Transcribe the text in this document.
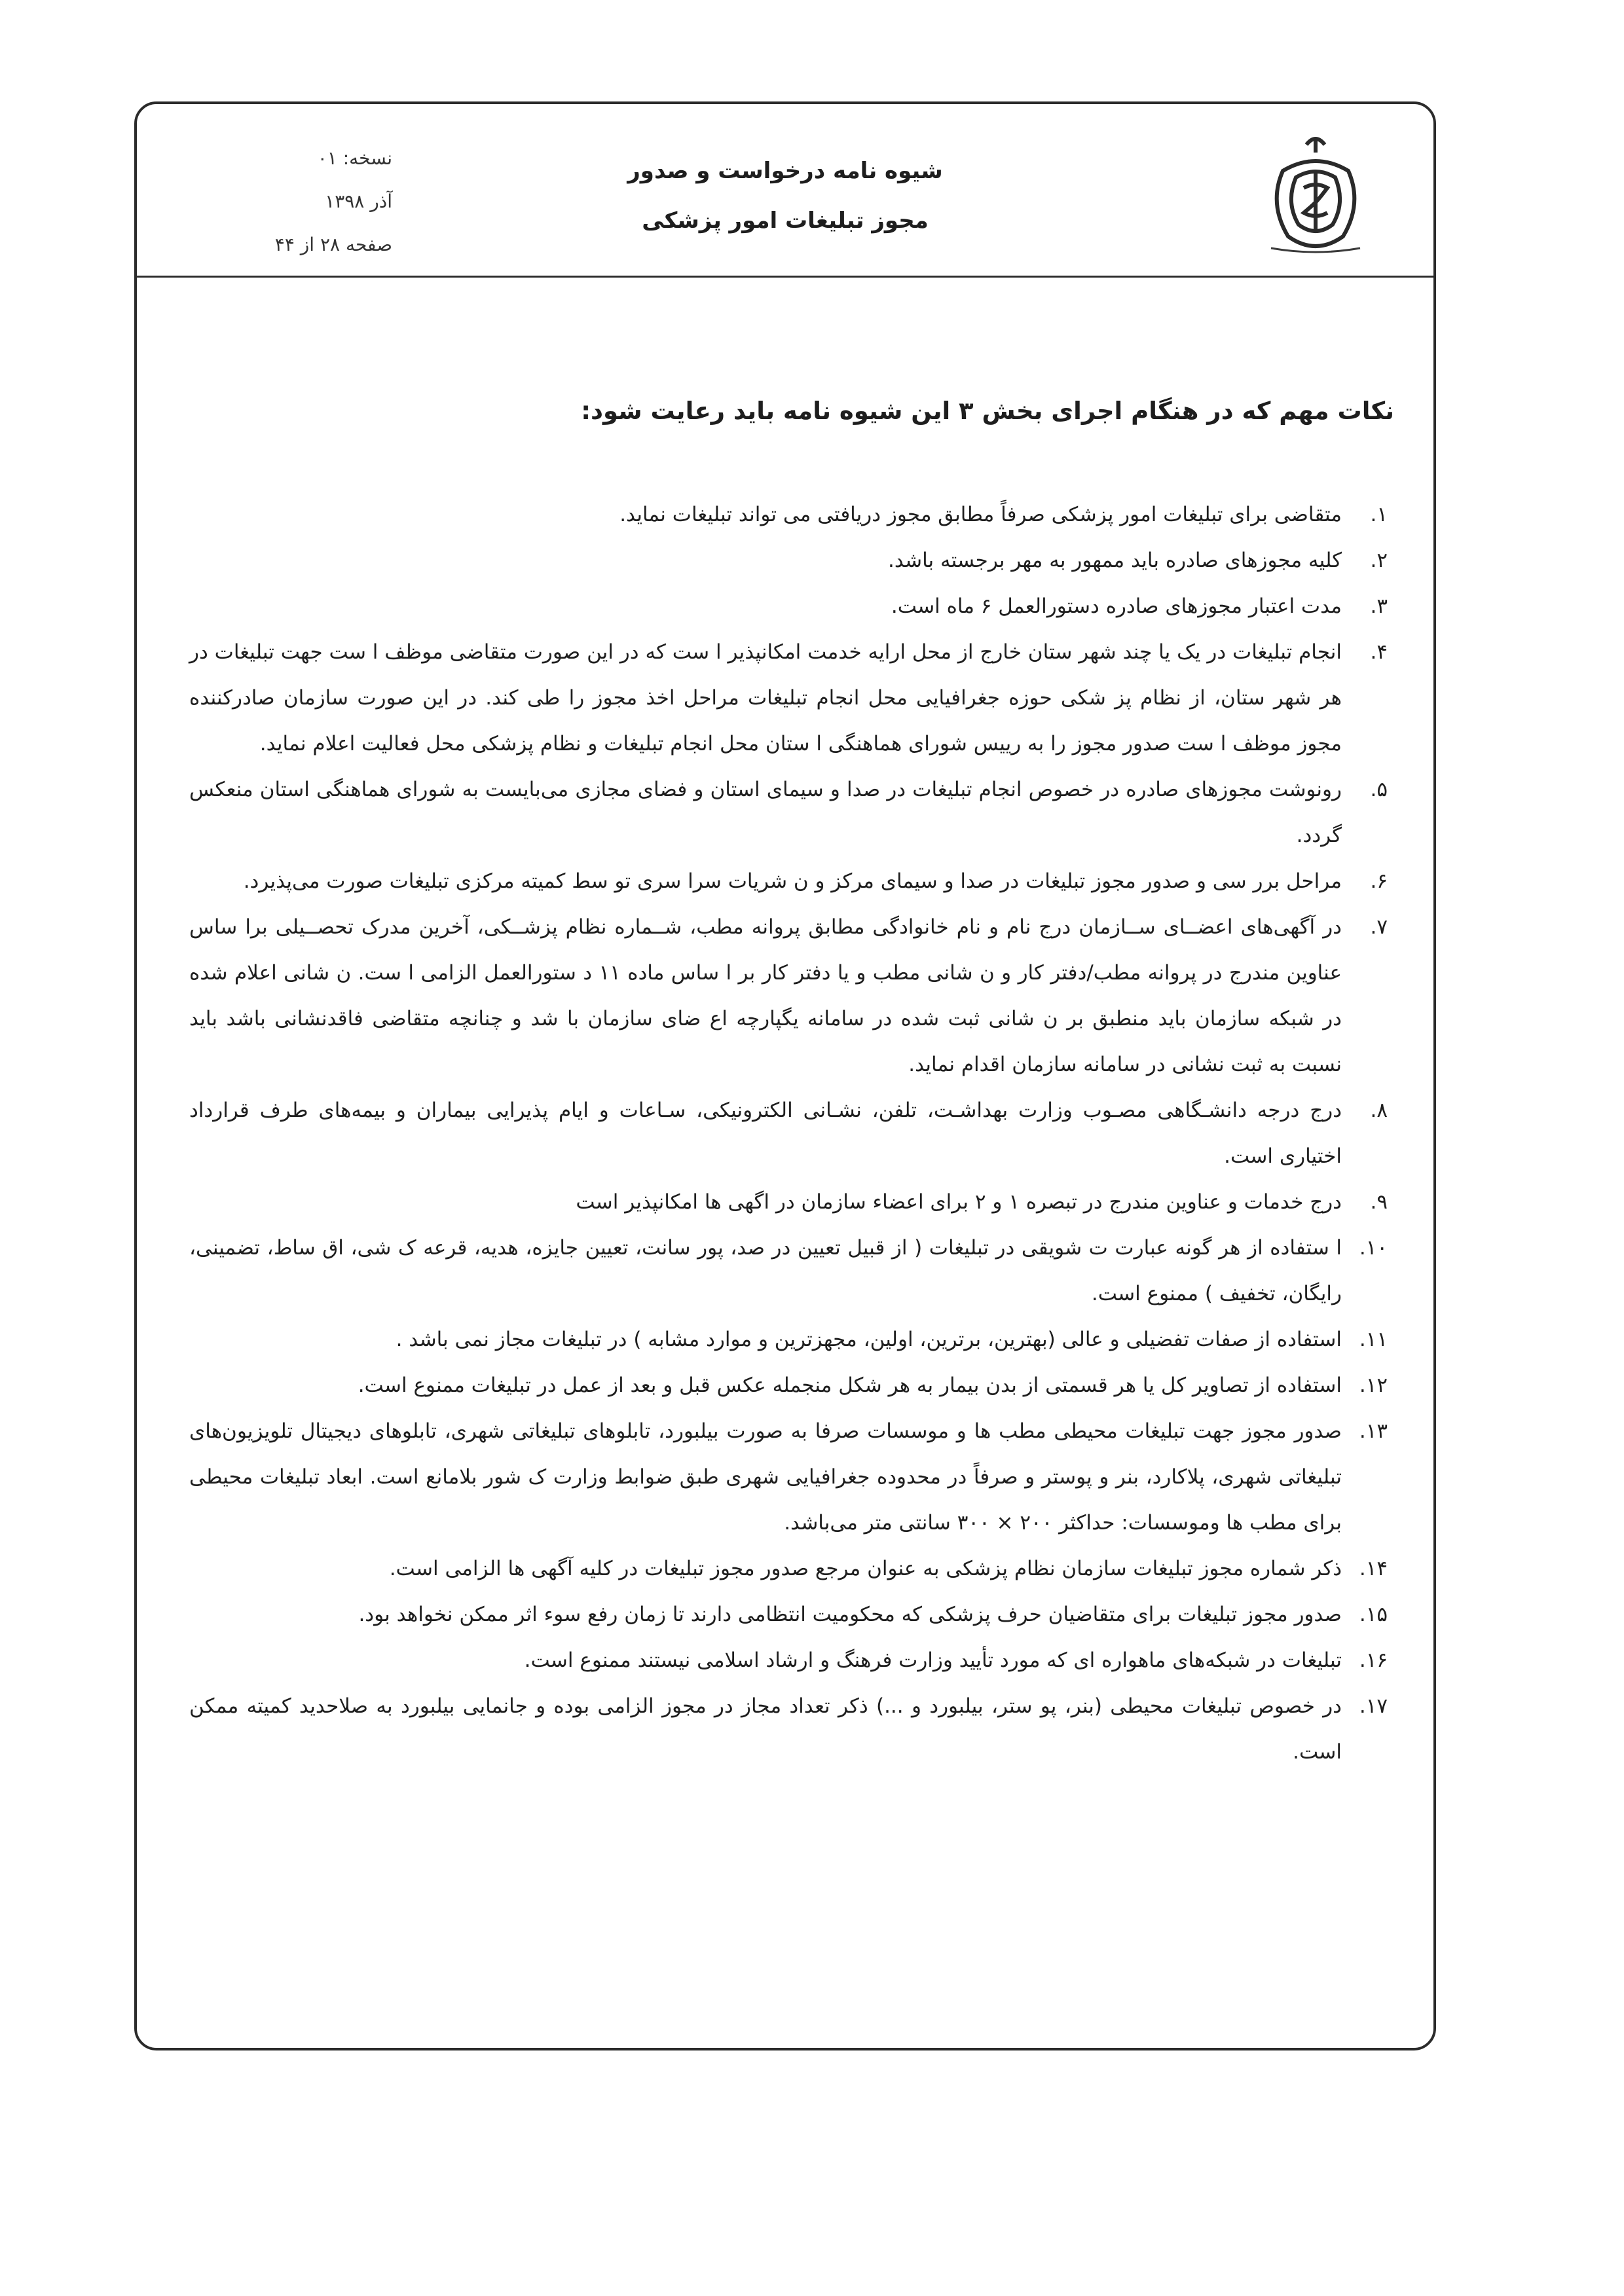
شیوه نامه درخواست و صدور
مجوز تبلیغات امور پزشکی
نسخه: ۰۱
آذر ۱۳۹۸
صفحه ۲۸ از ۴۴
نکات مهم که در هنگام اجرای بخش ۳ این شیوه نامه باید رعایت شود:
۱.
متقاضی برای تبلیغات امور پزشکی صرفاً مطابق مجوز دریافتی می تواند تبلیغات نماید.
۲.
کلیه مجوزهای صادره باید ممهور به مهر برجسته باشد.
۳.
مدت اعتبار مجوزهای صادره دستورالعمل ۶ ماه است.
۴.
انجام تبلیغات در یک یا چند شهر ستان خارج از محل ارایه خدمت امکانپذیر ا ست که در این صورت متقاضی موظف ا ست جهت تبلیغات در هر شهر ستان، از نظام پز شکی حوزه جغرافیایی محل انجام تبلیغات مراحل اخذ مجوز را طی کند. در این صورت سازمان صادرکننده مجوز موظف ا ست صدور مجوز را به رییس شورای هماهنگی ا ستان محل انجام تبلیغات و نظام پزشکی محل فعالیت اعلام نماید.
۵.
رونوشت مجوزهای صادره در خصوص انجام تبلیغات در صدا و سیمای استان و فضای مجازی می‌بایست به شورای هماهنگی استان منعکس گردد.
۶.
مراحل برر سی و صدور مجوز تبلیغات در صدا و سیمای مرکز و ن شریات سرا سری تو سط کمیته مرکزی تبلیغات صورت می‌پذیرد.
۷.
در آگهی‌های اعضــای ســازمان درج نام و نام خانوادگی مطابق پروانه مطب، شــماره نظام پزشــکی، آخرین مدرک تحصــیلی برا ساس عناوین مندرج در پروانه مطب/دفتر کار و ن شانی مطب و یا دفتر کار بر ا ساس ماده ۱۱ د ستورالعمل الزامی ا ست. ن شانی اعلام شده در شبکه سازمان باید منطبق بر ن شانی ثبت شده در سامانه یگپارچه اع ضای سازمان با شد و چنانچه متقاضی فاقدنشانی باشد باید نسبت به ثبت نشانی در سامانه سازمان اقدام نماید.
۸.
درج درجه دانشـگاهی مصـوب وزارت بهداشـت، تلفن، نشـانی الکترونیکی، سـاعات و ایام پذیرایی بیماران و بیمه‌های طرف قرارداد اختیاری است.
۹.
درج خدمات و عناوین مندرج در تبصره ۱ و ۲ برای اعضاء سازمان در اگهی ها امکانپذیر است
۱۰.
ا ستفاده از هر گونه عبارت ت شویقی در تبلیغات ( از قبیل تعیین در صد، پور سانت، تعیین جایزه، هدیه، قرعه ک شی، اق ساط، تضمینی، رایگان، تخفیف ) ممنوع است.
۱۱.
استفاده از صفات تفضیلی و عالی (بهترین، برترین، اولین، مجهزترین و موارد مشابه ) در تبلیغات مجاز نمی باشد .
۱۲.
استفاده از تصاویر کل یا هر قسمتی از بدن بیمار به هر شکل منجمله عکس قبل و بعد از عمل در تبلیغات ممنوع است.
۱۳.
صدور مجوز جهت تبلیغات محیطی مطب ها و موسسات صرفا به صورت بیلبورد، تابلوهای تبلیغاتی شهری، تابلوهای دیجیتال تلویزیون‌های تبلیغاتی شهری، پلاکارد، بنر و پوستر و صرفاً در محدوده جغرافیایی شهری طبق ضوابط وزارت ک شور بلامانع است. ابعاد تبلیغات محیطی برای مطب ها وموسسات: حداکثر ۲۰۰ × ۳۰۰ سانتی متر می‌باشد.
۱۴.
ذکر شماره مجوز تبلیغات سازمان نظام پزشکی به عنوان مرجع صدور مجوز تبلیغات در کلیه آگهی ها الزامی است.
۱۵.
صدور مجوز تبلیغات برای متقاضیان حرف پزشکی که محکومیت انتظامی دارند تا زمان رفع سوء اثر ممکن نخواهد بود.
۱۶.
تبلیغات در شبکه‌های ماهواره ای که مورد تأیید وزارت فرهنگ و ارشاد اسلامی نیستند ممنوع است.
۱۷.
در خصوص تبلیغات محیطی (بنر، پو ستر، بیلبورد و ...) ذکر تعداد مجاز در مجوز الزامی بوده و جانمایی بیلبورد به صلاحدید کمیته ممکن است.
